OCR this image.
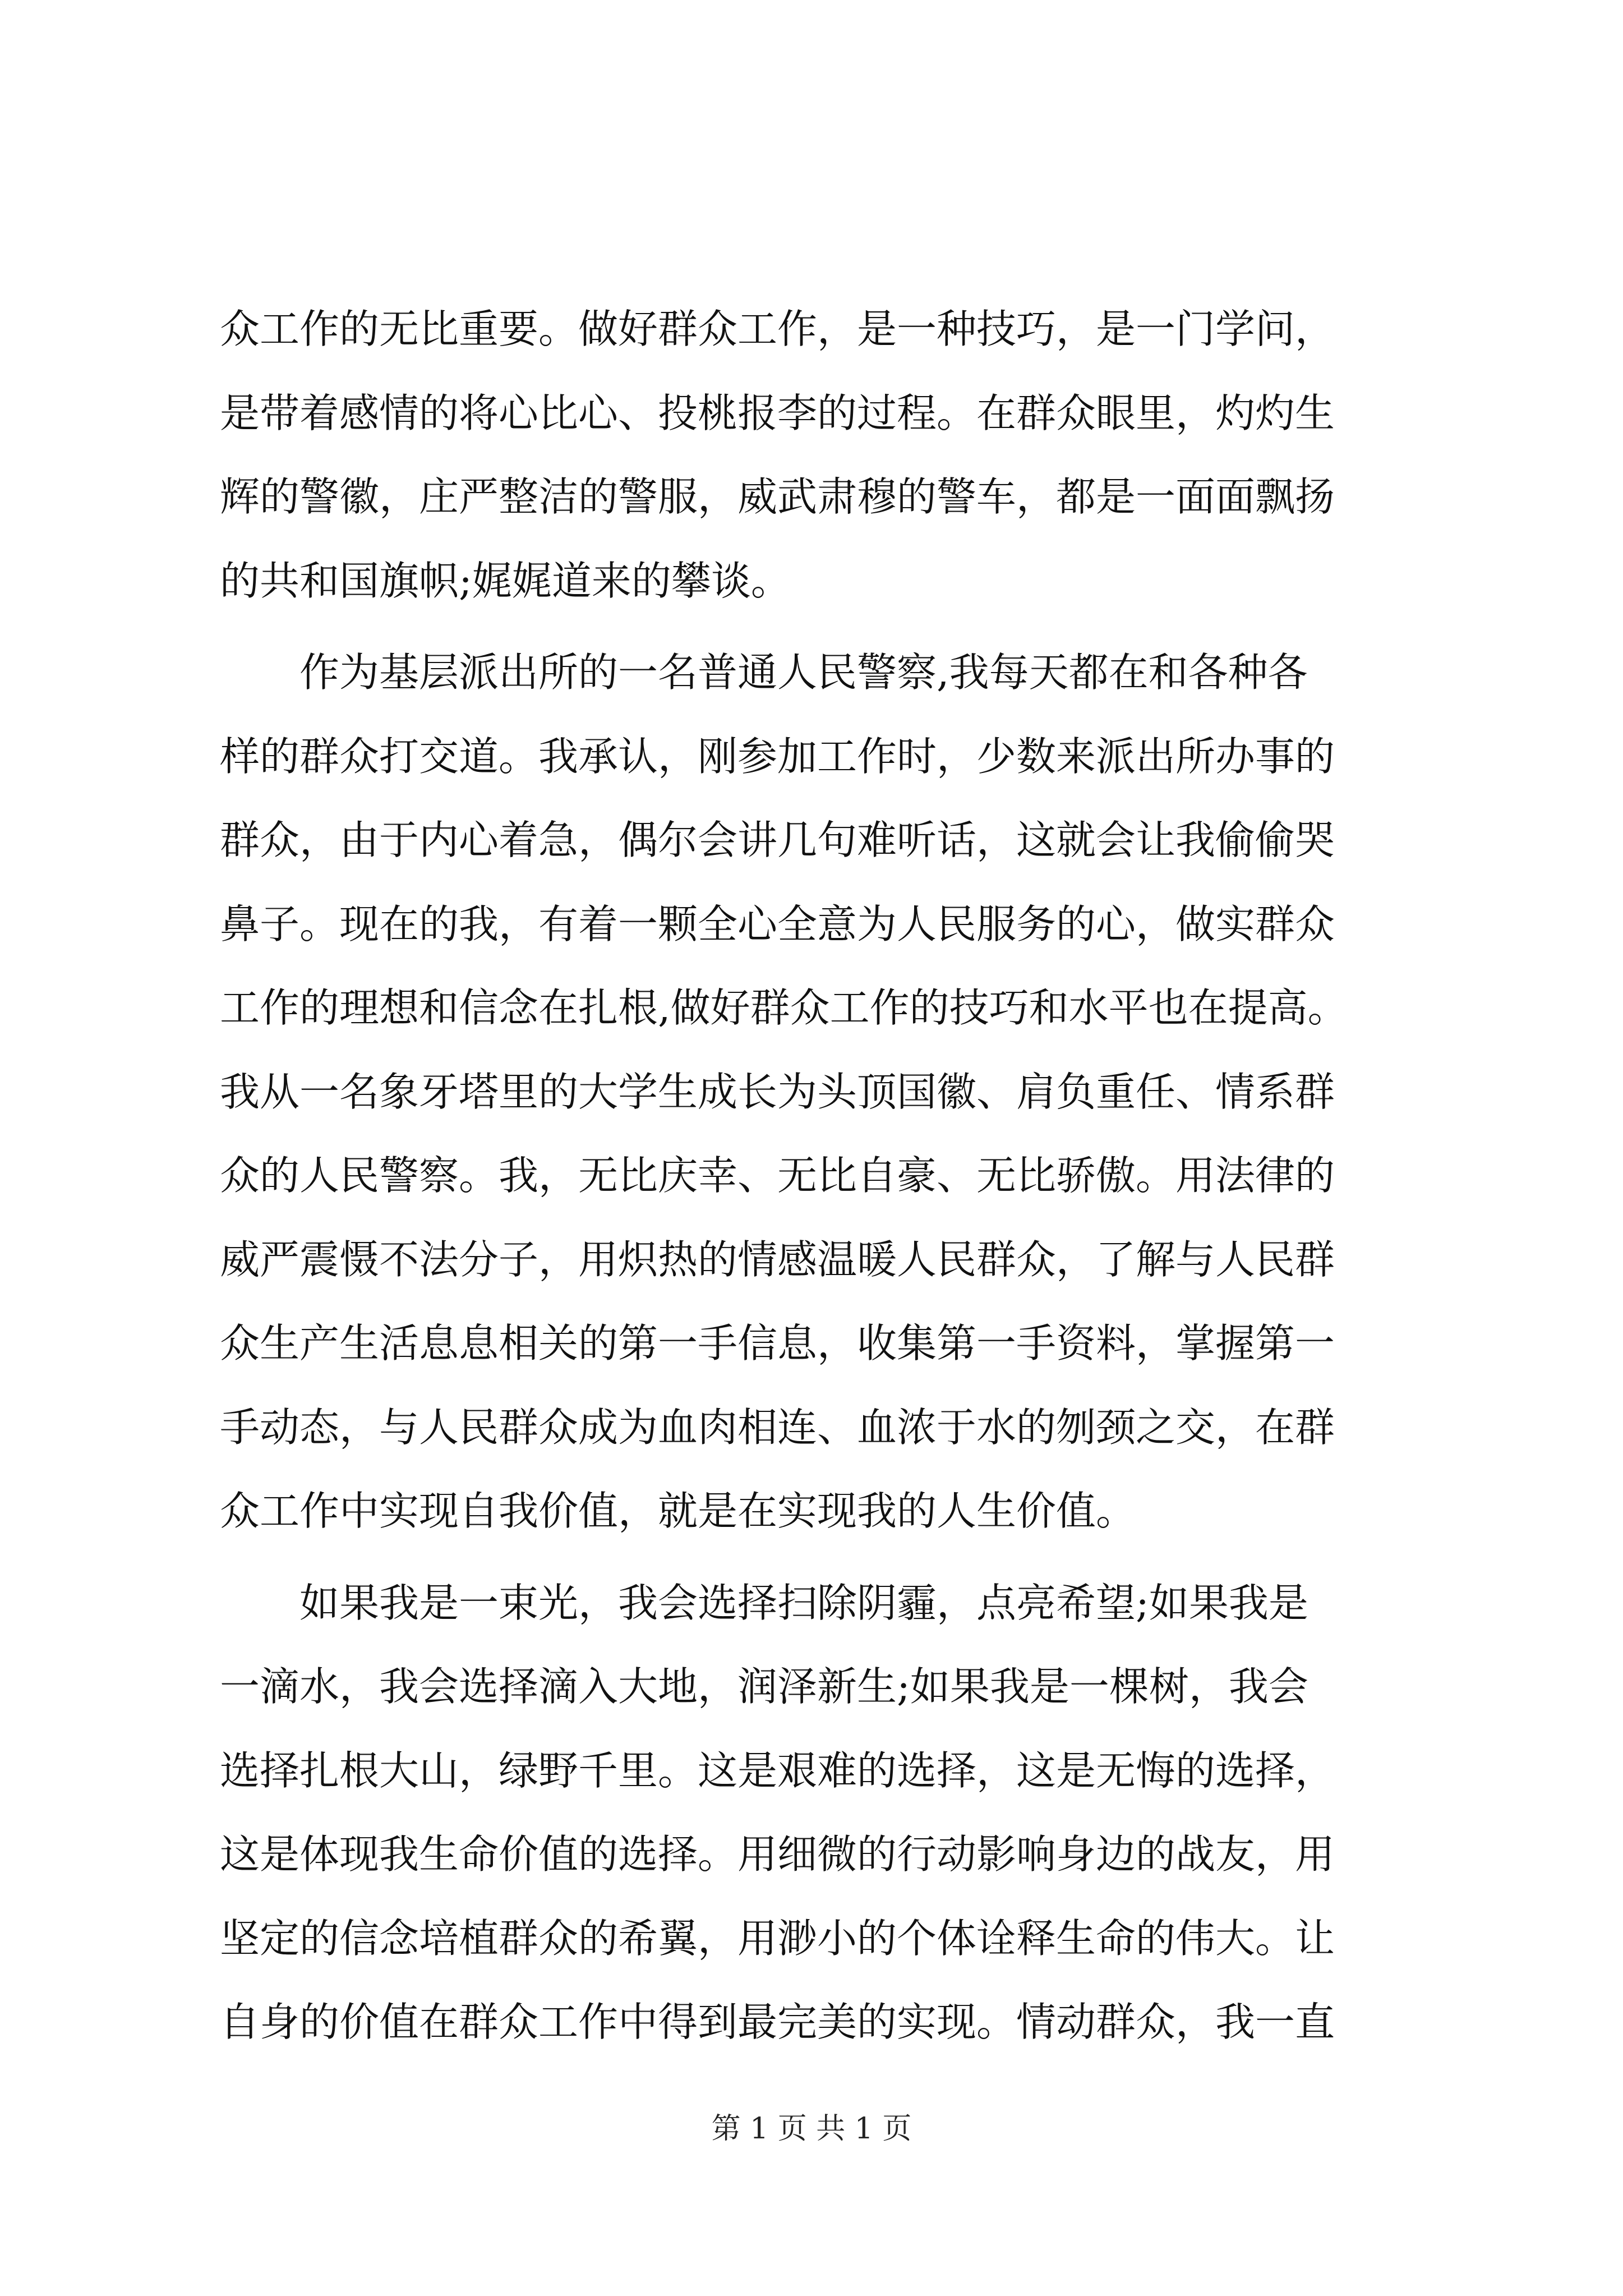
众工作的无比重要。做好群众工作，是一种技巧，是一门学问，
是带着感情的将心比心、投桃报李的过程。在群众眼里，灼灼生
辉的警徽，庄严整洁的警服，威武肃穆的警车，都是一面面飘扬
的共和国旗帜;娓娓道来的攀谈。
　　作为基层派出所的一名普通人民警察,我每天都在和各种各
样的群众打交道。我承认，刚参加工作时，少数来派出所办事的
群众，由于内心着急，偶尔会讲几句难听话，这就会让我偷偷哭
鼻子。现在的我，有着一颗全心全意为人民服务的心，做实群众
工作的理想和信念在扎根,做好群众工作的技巧和水平也在提高。
我从一名象牙塔里的大学生成长为头顶国徽、肩负重任、情系群
众的人民警察。我，无比庆幸、无比自豪、无比骄傲。用法律的
威严震慑不法分子，用炽热的情感温暖人民群众，了解与人民群
众生产生活息息相关的第一手信息，收集第一手资料，掌握第一
手动态，与人民群众成为血肉相连、血浓于水的刎颈之交，在群
众工作中实现自我价值，就是在实现我的人生价值。
　　如果我是一束光，我会选择扫除阴霾，点亮希望;如果我是
一滴水，我会选择滴入大地，润泽新生;如果我是一棵树，我会
选择扎根大山，绿野千里。这是艰难的选择，这是无悔的选择，
这是体现我生命价值的选择。用细微的行动影响身边的战友，用
坚定的信念培植群众的希翼，用渺小的个体诠释生命的伟大。让
自身的价值在群众工作中得到最完美的实现。情动群众，我一直
第 1 页 共 1 页
